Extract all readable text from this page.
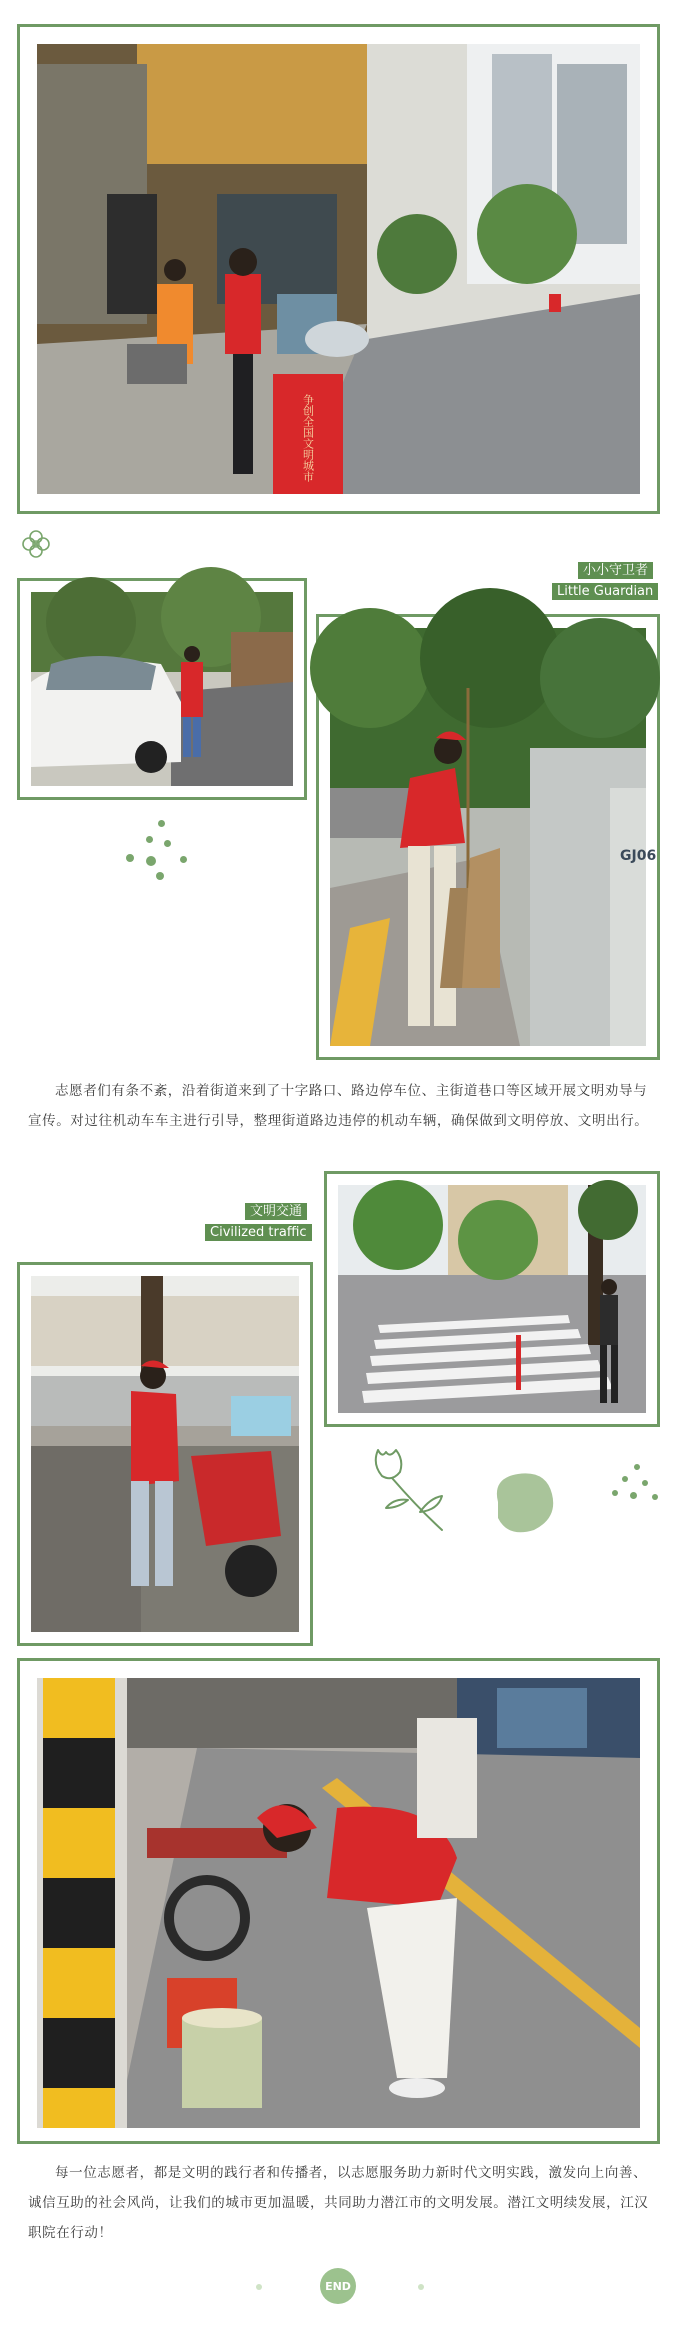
争创全国文明城市
小小守卫者
Little Guardian
GJ06
志愿者们有条不紊，沿着街道来到了十字路口、路边停车位、主街道巷口等区域开展文明劝导与宣传。对过往机动车车主进行引导，整理街道路边违停的机动车辆，确保做到文明停放、文明出行。
文明交通
Civilized traffic
每一位志愿者，都是文明的践行者和传播者，以志愿服务助力新时代文明实践，激发向上向善、诚信互助的社会风尚，让我们的城市更加温暖，共同助力潜江市的文明发展。潜江文明续发展，江汉职院在行动！
END
